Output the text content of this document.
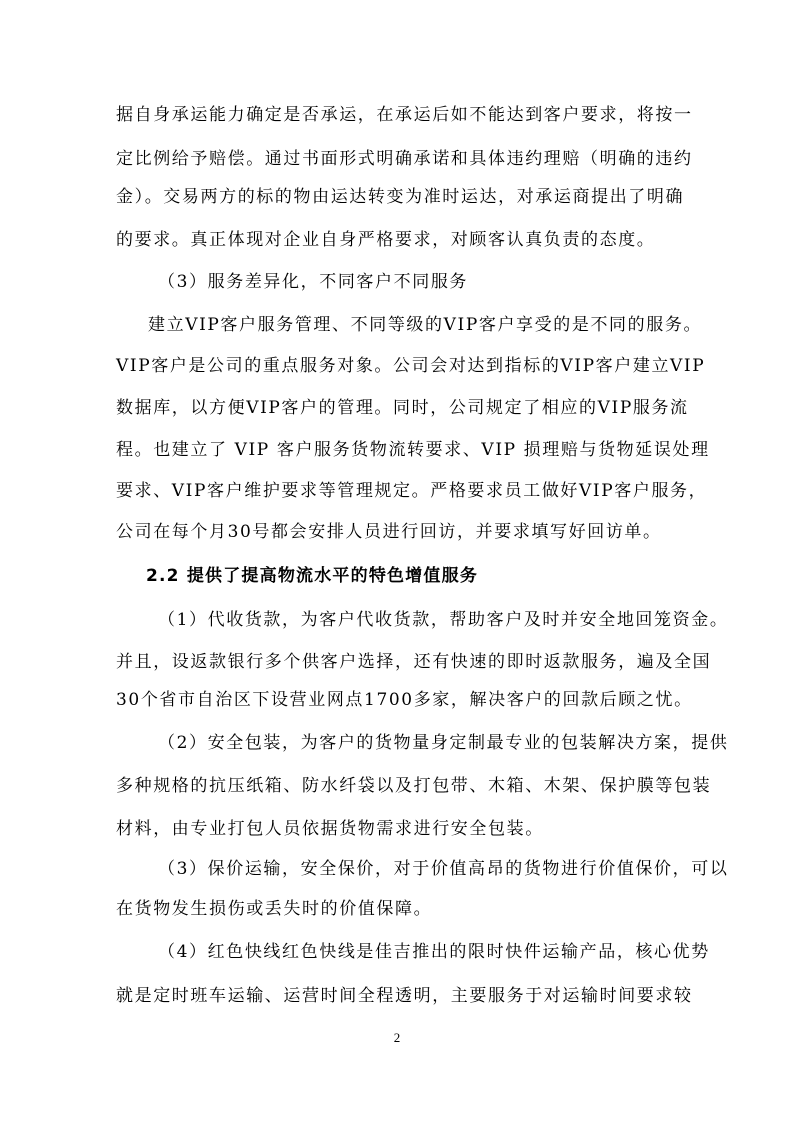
据自身承运能力确定是否承运，在承运后如不能达到客户要求，将按一
定比例给予赔偿。通过书面形式明确承诺和具体违约理赔（明确的违约
金）。交易两方的标的物由运达转变为准时运达，对承运商提出了明确
的要求。真正体现对企业自身严格要求，对顾客认真负责的态度。
（3）服务差异化，不同客户不同服务
建立VIP客户服务管理、不同等级的VIP客户享受的是不同的服务。
VIP客户是公司的重点服务对象。公司会对达到指标的VIP客户建立VIP
数据库，以方便VIP客户的管理。同时，公司规定了相应的VIP服务流
程。也建立了 VIP 客户服务货物流转要求、VIP 损理赔与货物延误处理
要求、VIP客户维护要求等管理规定。严格要求员工做好VIP客户服务，
公司在每个月30号都会安排人员进行回访，并要求填写好回访单。
2.2 提供了提高物流水平的特色增值服务
（1）代收货款，为客户代收货款，帮助客户及时并安全地回笼资金。
并且，设返款银行多个供客户选择，还有快速的即时返款服务，遍及全国
30个省市自治区下设营业网点1700多家，解决客户的回款后顾之忧。
（2）安全包装，为客户的货物量身定制最专业的包装解决方案，提供
多种规格的抗压纸箱、防水纤袋以及打包带、木箱、木架、保护膜等包装
材料，由专业打包人员依据货物需求进行安全包装。
（3）保价运输，安全保价，对于价值高昂的货物进行价值保价，可以
在货物发生损伤或丢失时的价值保障。
（4）红色快线红色快线是佳吉推出的限时快件运输产品，核心优势
就是定时班车运输、运营时间全程透明，主要服务于对运输时间要求较
2
